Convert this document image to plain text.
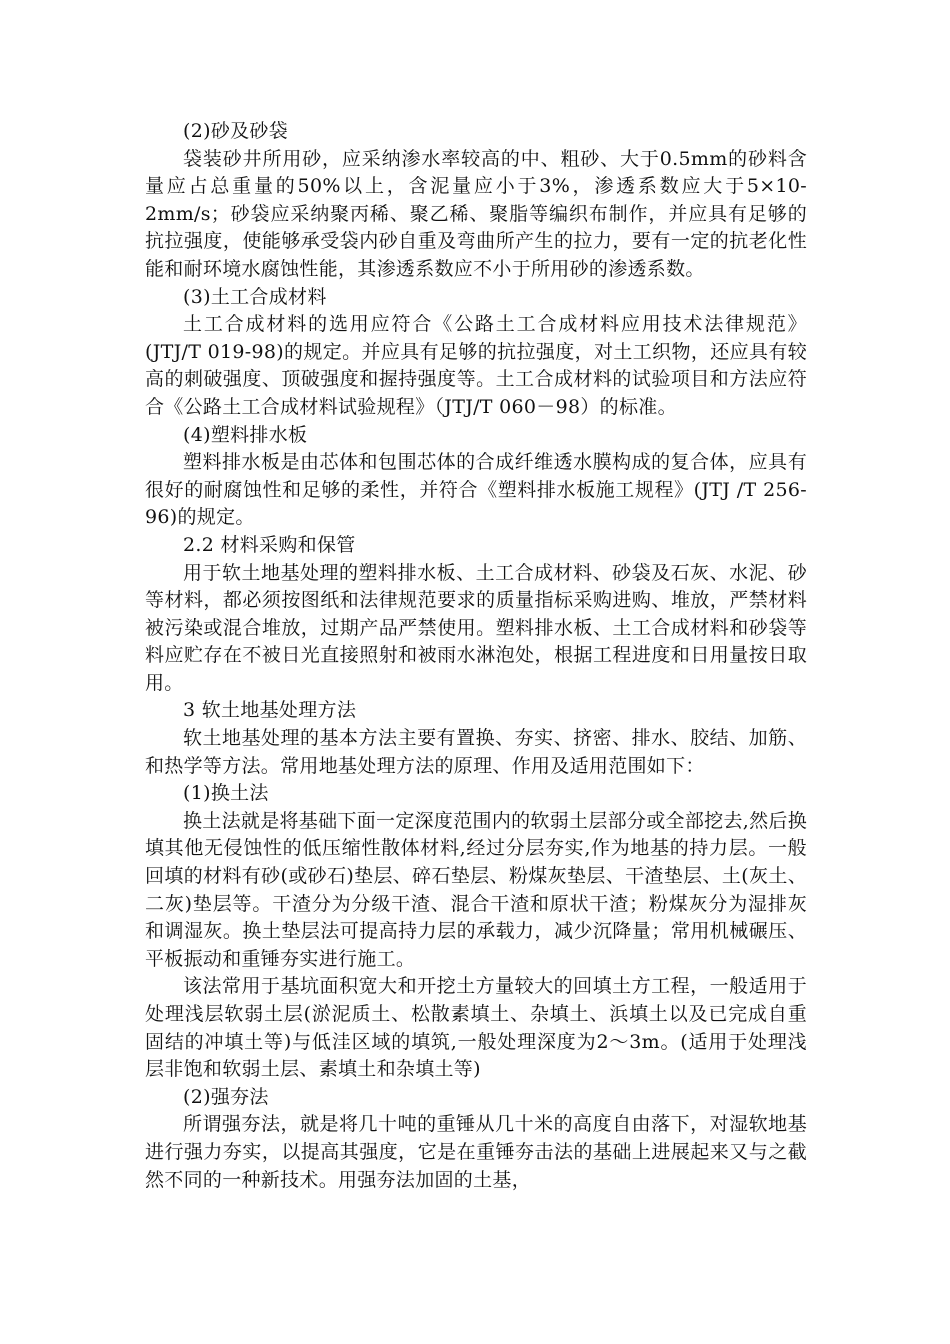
(2)砂及砂袋

袋装砂井所用砂，应采纳渗水率较高的中、粗砂、大于0.5mm的砂料含量应占总重量的50%以上，含泥量应小于3%，渗透系数应大于5×10-2mm/s；砂袋应采纳聚丙稀、聚乙稀、聚脂等编织布制作，并应具有足够的抗拉强度，使能够承受袋内砂自重及弯曲所产生的拉力，要有一定的抗老化性能和耐环境水腐蚀性能，其渗透系数应不小于所用砂的渗透系数。

(3)土工合成材料

土工合成材料的选用应符合《公路土工合成材料应用技术法律规范》(JTJ/T 019-98)的规定。并应具有足够的抗拉强度，对土工织物，还应具有较高的刺破强度、顶破强度和握持强度等。土工合成材料的试验项目和方法应符合《公路土工合成材料试验规程》（JTJ/T 060－98）的标准。

(4)塑料排水板

塑料排水板是由芯体和包围芯体的合成纤维透水膜构成的复合体，应具有很好的耐腐蚀性和足够的柔性，并符合《塑料排水板施工规程》(JTJ /T 256-96)的规定。

2.2 材料采购和保管

用于软土地基处理的塑料排水板、土工合成材料、砂袋及石灰、水泥、砂等材料，都必须按图纸和法律规范要求的质量指标采购进购、堆放，严禁材料被污染或混合堆放，过期产品严禁使用。塑料排水板、土工合成材料和砂袋等料应贮存在不被日光直接照射和被雨水淋泡处，根据工程进度和日用量按日取用。

3 软土地基处理方法

软土地基处理的基本方法主要有置换、夯实、挤密、排水、胶结、加筋、和热学等方法。常用地基处理方法的原理、作用及适用范围如下：

(1)换土法

换土法就是将基础下面一定深度范围内的软弱土层部分或全部挖去,然后换填其他无侵蚀性的低压缩性散体材料,经过分层夯实,作为地基的持力层。一般回填的材料有砂(或砂石)垫层、碎石垫层、粉煤灰垫层、干渣垫层、土(灰土、二灰)垫层等。干渣分为分级干渣、混合干渣和原状干渣；粉煤灰分为湿排灰和调湿灰。换土垫层法可提高持力层的承载力，减少沉降量；常用机械碾压、平板振动和重锤夯实进行施工。

该法常用于基坑面积宽大和开挖土方量较大的回填土方工程，一般适用于处理浅层软弱土层(淤泥质土、松散素填土、杂填土、浜填土以及已完成自重固结的冲填土等)与低洼区域的填筑,一般处理深度为2～3m。(适用于处理浅层非饱和软弱土层、素填土和杂填土等)

(2)强夯法

所谓强夯法，就是将几十吨的重锤从几十米的高度自由落下，对湿软地基进行强力夯实，以提高其强度，它是在重锤夯击法的基础上进展起来又与之截然不同的一种新技术。用强夯法加固的土基，
